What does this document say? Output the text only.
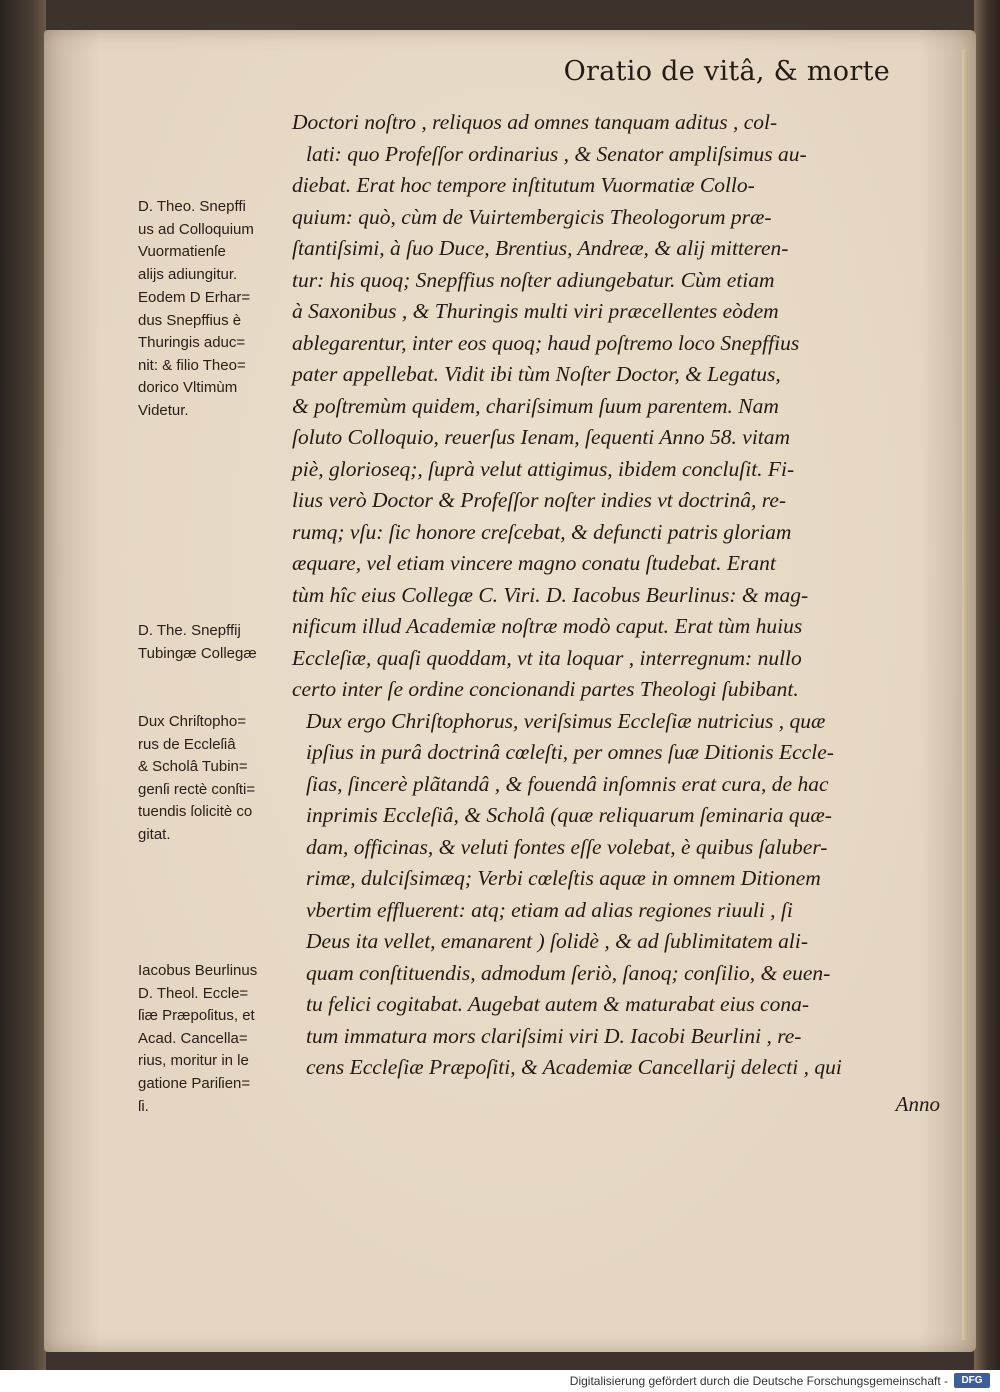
Oratio de vitâ, & morte
Doctori noſtro , reliquos ad omnes tanquam aditus , col-
lati: quo Profeſſor ordinarius , & Senator ampliſsimus au-
diebat. Erat hoc tempore inſtitutum Vuormatiæ Collo-
quium: quò, cùm de Vuirtembergicis Theologorum præ-
ſtantiſsimi, à ſuo Duce, Brentius, Andreæ, & alij mitteren-
tur: his quoq; Snepffius noſter adiungebatur. Cùm etiam
à Saxonibus , & Thuringis multi viri præcellentes eòdem
ablegarentur, inter eos quoq; haud poſtremo loco Snepffius
pater appellebat. Vidit ibi tùm Noſter Doctor, & Legatus,
& poſtremùm quidem, chariſsimum ſuum parentem. Nam
ſoluto Colloquio, reuerſus Ienam, ſequenti Anno 58. vitam
piè, glorioseq;, ſuprà velut attigimus, ibidem concluſit. Fi-
lius verò Doctor & Profeſſor noſter indies vt doctrinâ, re-
rumq; vſu: ſic honore creſcebat, & defuncti patris gloriam
æquare, vel etiam vincere magno conatu ſtudebat. Erant
tùm hîc eius Collegæ C. Viri. D. Iacobus Beurlinus: & mag-
nificum illud Academiæ noſtræ modò caput. Erat tùm huius
Eccleſiæ, quaſi quoddam, vt ita loquar , interregnum: nullo
certo inter ſe ordine concionandi partes Theologi ſubibant.
Dux ergo Chriſtophorus, veriſsimus Eccleſiæ nutricius , quæ
ipſius in purâ doctrinâ cœleſti, per omnes ſuæ Ditionis Eccle-
ſias, ſincerè plãtandâ , & fouendâ inſomnis erat cura, de hac
inprimis Eccleſiâ, & Scholâ (quæ reliquarum ſeminaria quæ-
dam, officinas, & veluti fontes eſſe volebat, è quibus ſaluber-
rimæ, dulciſsimæq; Verbi cœleſtis aquæ in omnem Ditionem
vbertim effluerent: atq; etiam ad alias regiones riuuli , ſi
Deus ita vellet, emanarent ) ſolidè , & ad ſublimitatem ali-
quam conſtituendis, admodum ſeriò, ſanoq; conſilio, & euen-
tu felici cogitabat. Augebat autem & maturabat eius cona-
tum immatura mors clariſsimi viri D. Iacobi Beurlini , re-
cens Eccleſiæ Præpoſiti, & Academiæ Cancellarij delecti , qui
Anno
D. Theo. Snepffi
us ad Colloquium
Vuormatienſe
alijs adiungitur.
Eodem D Erhar=
dus Snepffius è
Thuringis aduc=
nit: & filio Theo=
dorico Vltimùm
Videtur.
D. The. Snepffij
Tubingæ Collegæ
Dux Chriſtopho=
rus de Eccleſiâ
& Scholâ Tubin=
genſi rectè conſti=
tuendis ſolicitè co
gitat.
Iacobus Beurlinus
D. Theol. Eccle=
ſiæ Præpoſitus, et
Acad. Cancella=
rius, moritur in le
gatione Pariſien=
ſi.
Digitalisierung gefördert durch die Deutsche Forschungsgemeinschaft -	DFG
